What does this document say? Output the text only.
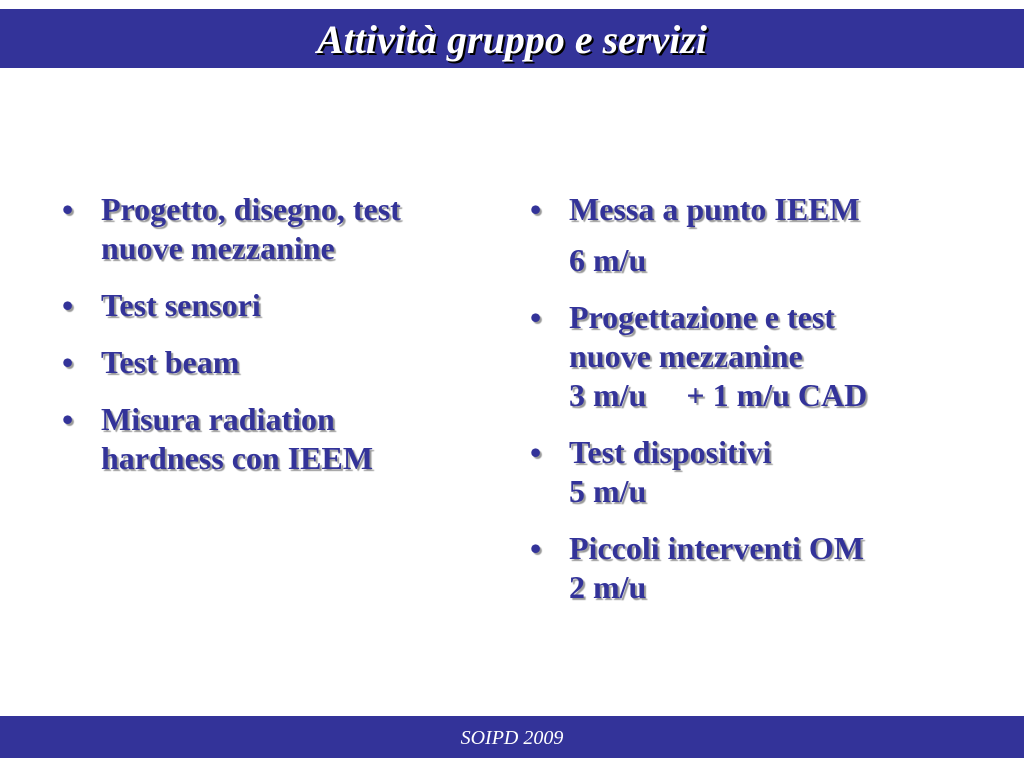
Attività gruppo e servizi
• Progetto, disegno, test
nuove mezzanine
• Test sensori
• Test beam
• Misura radiation
hardness con IEEM
• Messa a punto IEEM
6 m/u
• Progettazione e test
nuove mezzanine
3 m/u     + 1 m/u CAD
• Test dispositivi
5 m/u
• Piccoli interventi OM
2 m/u
SOIPD 2009
